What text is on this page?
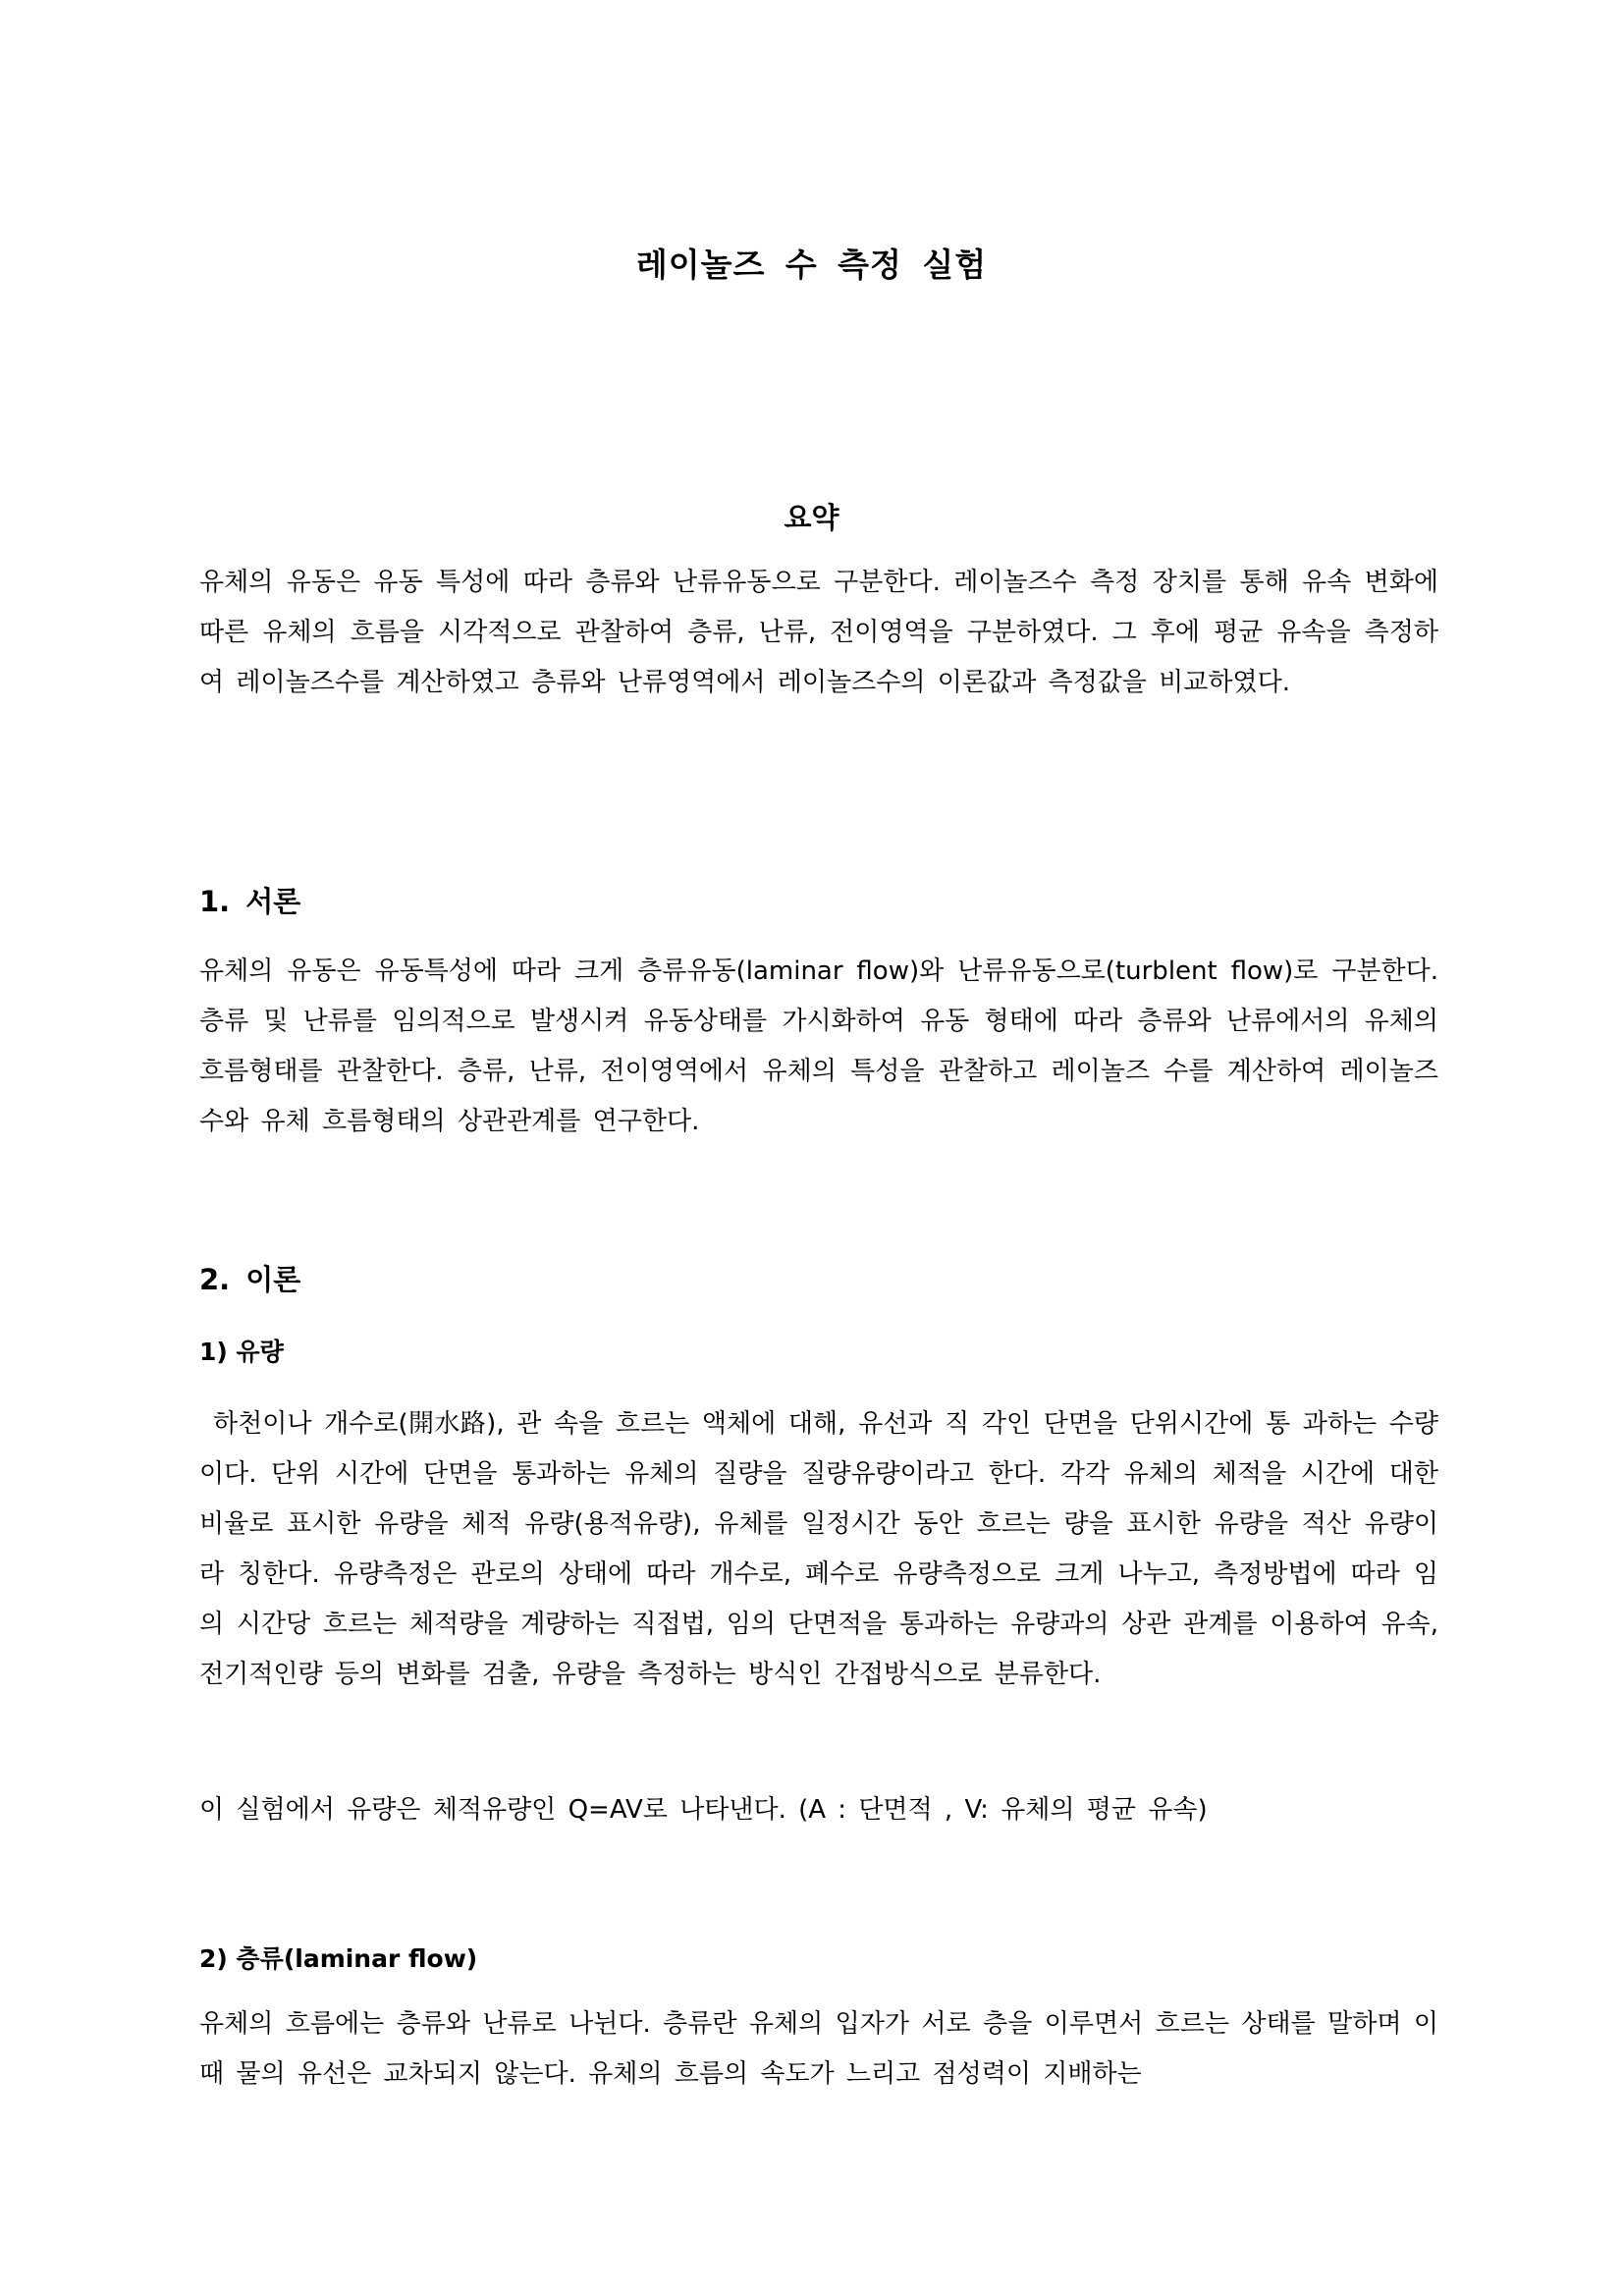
레이놀즈 수 측정 실험
요약

유체의 유동은 유동 특성에 따라 층류와 난류유동으로 구분한다. 레이놀즈수 측정 장치를 통해 유속 변화에 따른 유체의 흐름을 시각적으로 관찰하여 층류, 난류, 전이영역을 구분하였다. 그 후에 평균 유속을 측정하여 레이놀즈수를 계산하였고 층류와 난류영역에서 레이놀즈수의 이론값과 측정값을 비교하였다.

1. 서론

유체의 유동은 유동특성에 따라 크게 층류유동(laminar flow)와 난류유동으로(turblent flow)로 구분한다. 층류 및 난류를 임의적으로 발생시켜 유동상태를 가시화하여 유동 형태에 따라 층류와 난류에서의 유체의 흐름형태를 관찰한다. 층류, 난류, 전이영역에서 유체의 특성을 관찰하고 레이놀즈 수를 계산하여 레이놀즈수와 유체 흐름형태의 상관관계를 연구한다.

2. 이론
1) 유량

하천이나 개수로(開水路), 관 속을 흐르는 액체에 대해, 유선과 직 각인 단면을 단위시간에 통 과하는 수량이다. 단위 시간에 단면을 통과하는 유체의 질량을 질량유량이라고 한다. 각각 유체의 체적을 시간에 대한 비율로 표시한 유량을 체적 유량(용적유량), 유체를 일정시간 동안 흐르는 량을 표시한 유량을 적산 유량이라 칭한다. 유량측정은 관로의 상태에 따라 개수로, 폐수로 유량측정으로 크게 나누고, 측정방법에 따라 임의 시간당 흐르는 체적량을 계량하는 직접법, 임의 단면적을 통과하는 유량과의 상관 관계를 이용하여 유속, 전기적인량 등의 변화를 검출, 유량을 측정하는 방식인 간접방식으로 분류한다.

이 실험에서 유량은 체적유량인 Q=AV로 나타낸다. (A : 단면적 , V: 유체의 평균 유속)

2) 층류(laminar flow)

유체의 흐름에는 층류와 난류로 나뉜다. 층류란 유체의 입자가 서로 층을 이루면서 흐르는 상태를 말하며 이때 물의 유선은 교차되지 않는다. 유체의 흐름의 속도가 느리고 점성력이 지배하는
